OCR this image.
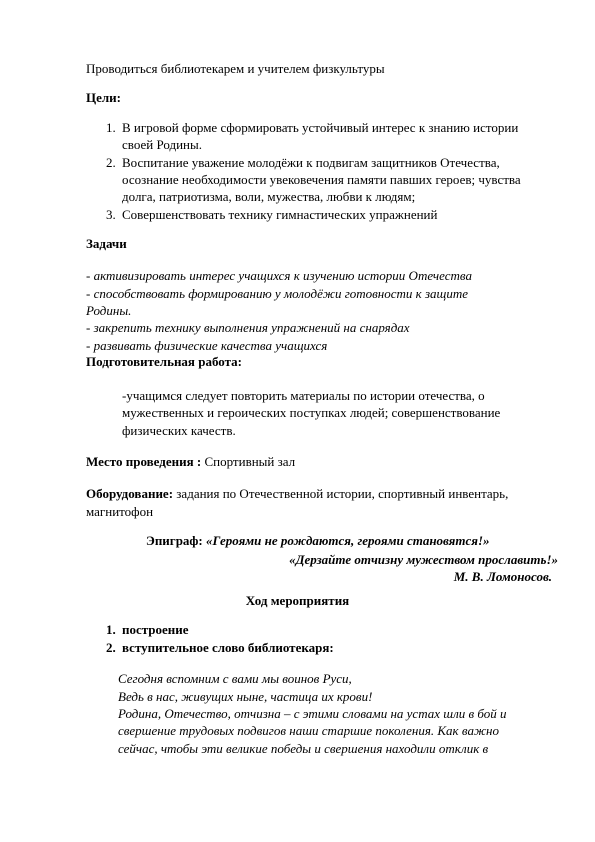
Проводиться библиотекарем и учителем физкультуры
Цели:
1. В игровой форме сформировать устойчивый интерес к знанию истории
своей Родины.
2. Воспитание уважение молодёжи к подвигам защитников Отечества,
осознание необходимости увековечения памяти павших героев; чувства
долга, патриотизма, воли, мужества, любви к людям;
3. Совершенствовать технику гимнастических упражнений
Задачи
- активизировать интерес учащихся к изучению истории Отечества
- способствовать формированию у молодёжи готовности к защите
Родины.
- закрепить технику выполнения упражнений на снарядах
- развивать физические качества учащихся
Подготовительная работа:
-учащимся следует повторить материалы по истории отечества, о
мужественных и героических поступках людей; совершенствование
физических качеств.
Место проведения : Спортивный зал
Оборудование: задания по Отечественной истории, спортивный инвентарь,
магнитофон
Эпиграф: «Героями не рождаются, героями становятся!»
«Дерзайте отчизну мужеством прославить!»
М. В. Ломоносов.
Ход мероприятия
1. построение
2. вступительное слово библиотекаря:
Сегодня вспомним с вами мы воинов Руси,
Ведь в нас, живущих ныне, частица их крови!
Родина, Отечество, отчизна – с этими словами на устах шли в бой и
свершение трудовых подвигов наши старшие поколения. Как важно
сейчас, чтобы эти великие победы и свершения находили отклик в
